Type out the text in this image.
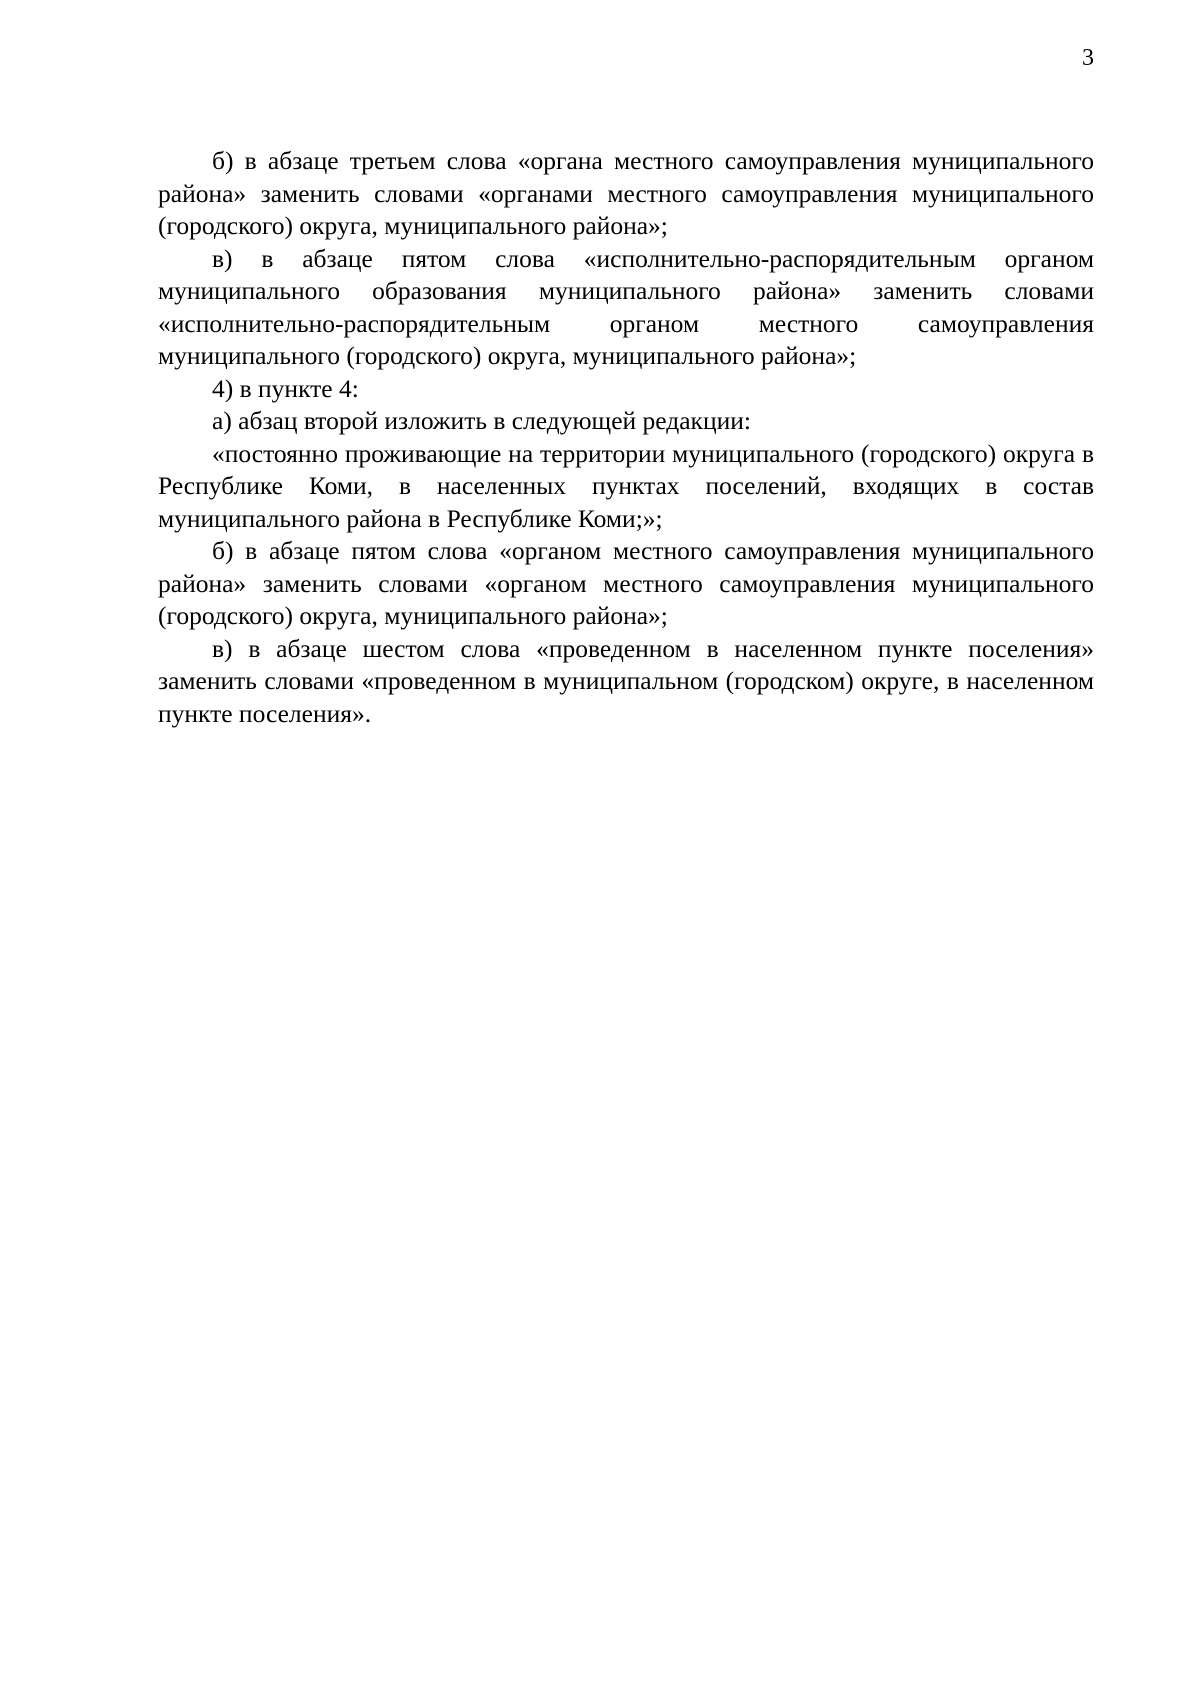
3

б) в абзаце третьем слова «органа местного самоуправления муниципального района» заменить словами «органами местного самоуправления муниципального (городского) округа, муниципального района»;

в) в абзаце пятом слова «исполнительно-распорядительным органом муниципального образования муниципального района» заменить словами «исполнительно-распорядительным органом местного самоуправления муниципального (городского) округа, муниципального района»;

4) в пункте 4:

а) абзац второй изложить в следующей редакции:

«постоянно проживающие на территории муниципального (городского) округа в Республике Коми, в населенных пунктах поселений, входящих в состав муниципального района в Республике Коми;»;

б) в абзаце пятом слова «органом местного самоуправления муниципального района» заменить словами «органом местного самоуправления муниципального (городского) округа, муниципального района»;

в) в абзаце шестом слова «проведенном в населенном пункте поселения» заменить словами «проведенном в муниципальном (городском) округе, в населенном пункте поселения».
